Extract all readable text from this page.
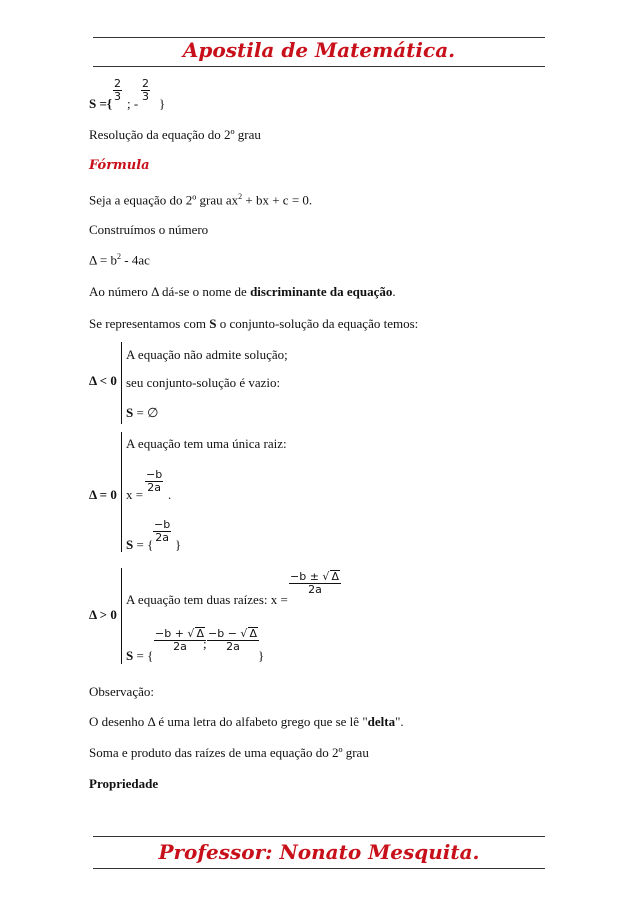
Apostila de Matemática.
S ={
$\frac{2}{3}$
; -
$\frac{2}{3}$
}
Resolução da equação do 2º grau
Fórmula
Seja a equação do 2º grau $ax^2$ + bx + c = 0.
Construímos o número
$\Delta = b^2 - 4ac$
Ao número Δ dá-se o nome de discriminante da equação.
Se representamos com S o conjunto-solução da equação temos:
Δ < 0
A equação não admite solução;
seu conjunto-solução é vazio:
S = ∅
Δ = 0
A equação tem uma única raiz:
x =
$\frac{-b}{2a}$
.
S = {
$\frac{-b}{2a}$
}
Δ > 0
A equação tem duas raízes: x =
$\frac{-b \pm √ \Delta}{2a}$
S = {
$\frac{-b + √ \Delta}{2a}$
; $\frac{-b - √ \Delta}{2a}$
}
Observação:
O desenho Δ é uma letra do alfabeto grego que se lê "delta".
Soma e produto das raízes de uma equação do 2º grau
Propriedade
Professor: Nonato Mesquita.
